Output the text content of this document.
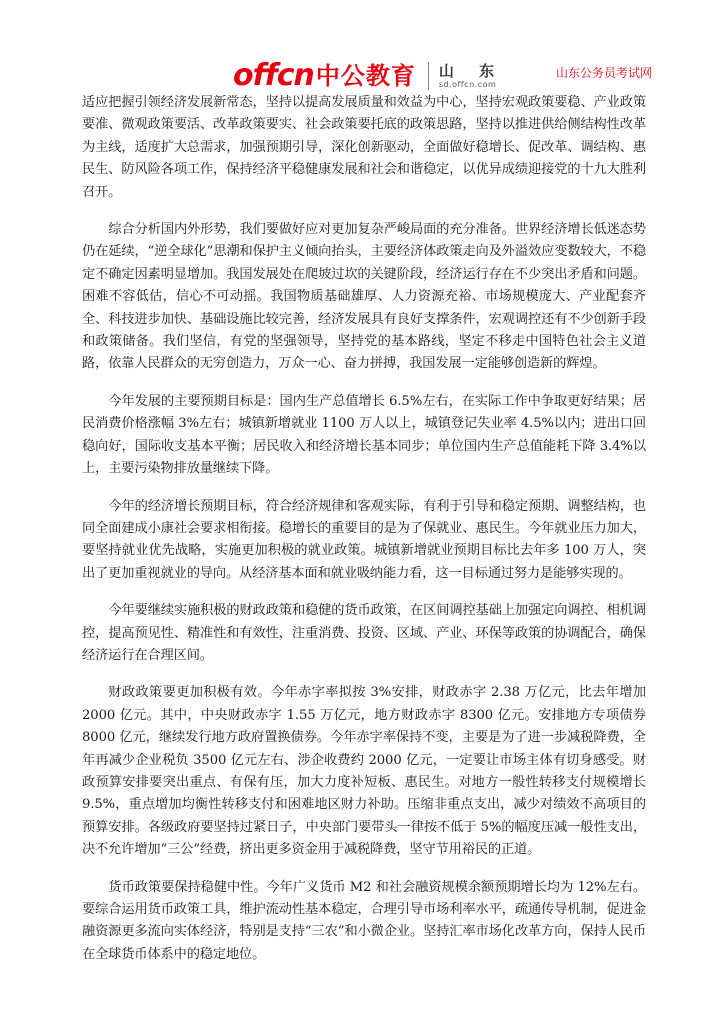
offcn 中公教育 山 东
sd.offcn.com
山东公务员考试网

适应把握引领经济发展新常态，坚持以提高发展质量和效益为中心，坚持宏观政策要稳、产业政策要准、微观政策要活、改革政策要实、社会政策要托底的政策思路，坚持以推进供给侧结构性改革为主线，适度扩大总需求，加强预期引导，深化创新驱动，全面做好稳增长、促改革、调结构、惠民生、防风险各项工作，保持经济平稳健康发展和社会和谐稳定，以优异成绩迎接党的十九大胜利召开。

综合分析国内外形势，我们要做好应对更加复杂严峻局面的充分准备。世界经济增长低迷态势仍在延续，“逆全球化”思潮和保护主义倾向抬头，主要经济体政策走向及外溢效应变数较大，不稳定不确定因素明显增加。我国发展处在爬坡过坎的关键阶段，经济运行存在不少突出矛盾和问题。困难不容低估，信心不可动摇。我国物质基础雄厚、人力资源充裕、市场规模庞大、产业配套齐全、科技进步加快、基础设施比较完善，经济发展具有良好支撑条件，宏观调控还有不少创新手段和政策储备。我们坚信，有党的坚强领导，坚持党的基本路线，坚定不移走中国特色社会主义道路，依靠人民群众的无穷创造力，万众一心、奋力拼搏，我国发展一定能够创造新的辉煌。

今年发展的主要预期目标是：国内生产总值增长 6.5%左右，在实际工作中争取更好结果；居民消费价格涨幅 3%左右；城镇新增就业 1100 万人以上，城镇登记失业率 4.5%以内；进出口回稳向好，国际收支基本平衡；居民收入和经济增长基本同步；单位国内生产总值能耗下降 3.4%以上，主要污染物排放量继续下降。

今年的经济增长预期目标，符合经济规律和客观实际，有利于引导和稳定预期、调整结构，也同全面建成小康社会要求相衔接。稳增长的重要目的是为了保就业、惠民生。今年就业压力加大，要坚持就业优先战略，实施更加积极的就业政策。城镇新增就业预期目标比去年多 100 万人，突出了更加重视就业的导向。从经济基本面和就业吸纳能力看，这一目标通过努力是能够实现的。

今年要继续实施积极的财政政策和稳健的货币政策，在区间调控基础上加强定向调控、相机调控，提高预见性、精准性和有效性，注重消费、投资、区域、产业、环保等政策的协调配合，确保经济运行在合理区间。

财政政策要更加积极有效。今年赤字率拟按 3%安排，财政赤字 2.38 万亿元，比去年增加 2000 亿元。其中，中央财政赤字 1.55 万亿元，地方财政赤字 8300 亿元。安排地方专项债券 8000 亿元，继续发行地方政府置换债券。今年赤字率保持不变，主要是为了进一步减税降费，全年再减少企业税负 3500 亿元左右、涉企收费约 2000 亿元，一定要让市场主体有切身感受。财政预算安排要突出重点、有保有压，加大力度补短板、惠民生。对地方一般性转移支付规模增长 9.5%，重点增加均衡性转移支付和困难地区财力补助。压缩非重点支出，减少对绩效不高项目的预算安排。各级政府要坚持过紧日子，中央部门要带头一律按不低于 5%的幅度压减一般性支出，决不允许增加“三公”经费，挤出更多资金用于减税降费，坚守节用裕民的正道。

货币政策要保持稳健中性。今年广义货币 M2 和社会融资规模余额预期增长均为 12%左右。要综合运用货币政策工具，维护流动性基本稳定，合理引导市场利率水平，疏通传导机制，促进金融资源更多流向实体经济，特别是支持“三农”和小微企业。坚持汇率市场化改革方向，保持人民币在全球货币体系中的稳定地位。
